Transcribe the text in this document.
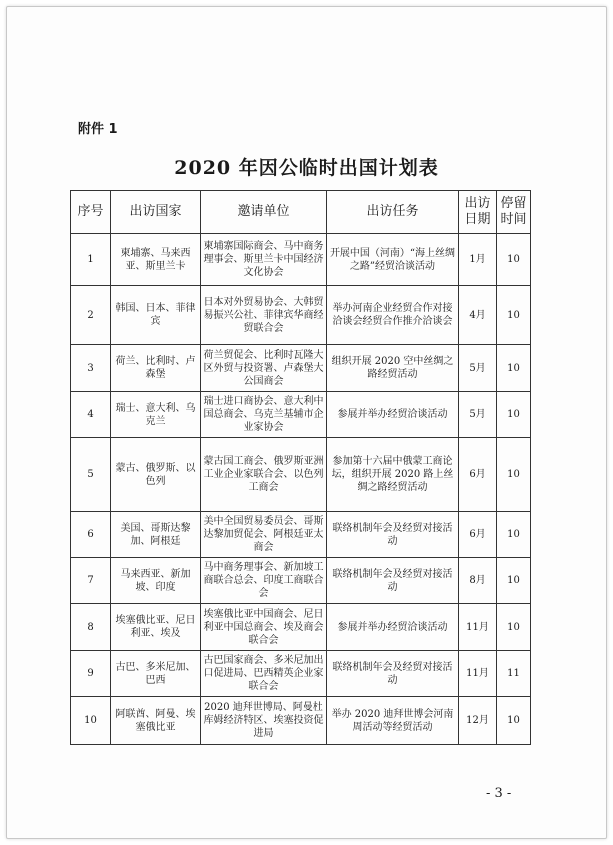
附件 1
2020 年因公临时出国计划表
序号	出访国家	邀请单位	出访任务	出访日期	停留时间
1	柬埔寨、马来西亚、斯里兰卡	柬埔寨国际商会、马中商务理事会、斯里兰卡中国经济文化协会	开展中国（河南）“海上丝绸之路”经贸洽谈活动	1月	10
2	韩国、日本、菲律宾	日本对外贸易协会、大韩贸易振兴公社、菲律宾华商经贸联合会	举办河南企业经贸合作对接洽谈会经贸合作推介洽谈会	4月	10
3	荷兰、比利时、卢森堡	荷兰贸促会、比利时瓦隆大区外贸与投资署、卢森堡大公国商会	组织开展 2020 空中丝绸之路经贸活动	5月	10
4	瑞士、意大利、乌克兰	瑞士进口商协会、意大利中国总商会、乌克兰基辅市企业家协会	参展并举办经贸洽谈活动	5月	10
5	蒙古、俄罗斯、以色列	蒙古国工商会、俄罗斯亚洲工业企业家联合会、以色列工商会	参加第十六届中俄蒙工商论坛，组织开展 2020 路上丝绸之路经贸活动	6月	10
6	美国、哥斯达黎加、阿根廷	美中全国贸易委员会、哥斯达黎加贸促会、阿根廷亚太商会	联络机制年会及经贸对接活动	6月	10
7	马来西亚、新加坡、印度	马中商务理事会、新加坡工商联合总会、印度工商联合会	联络机制年会及经贸对接活动	8月	10
8	埃塞俄比亚、尼日利亚、埃及	埃塞俄比亚中国商会、尼日利亚中国总商会、埃及商会联合会	参展并举办经贸洽谈活动	11月	10
9	古巴、多米尼加、巴西	古巴国家商会、多米尼加出口促进局、巴西精英企业家联合会	联络机制年会及经贸对接活动	11月	11
10	阿联酋、阿曼、埃塞俄比亚	2020 迪拜世博局、阿曼杜库姆经济特区、埃塞投资促进局	举办 2020 迪拜世博会河南周活动等经贸活动	12月	10
- 3 -
